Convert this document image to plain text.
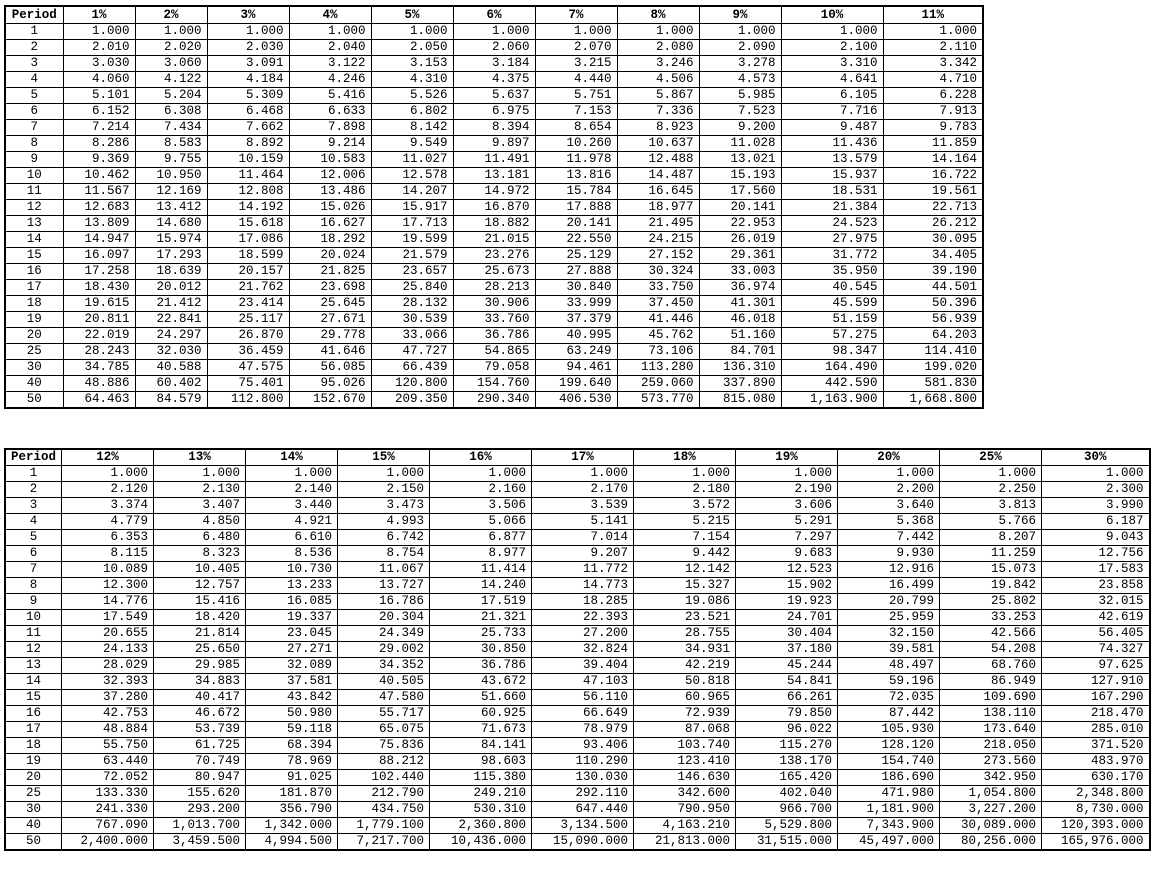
Period	1%	2%	3%	4%	5%	6%	7%	8%	9%	10%	11%
1	1.000	1.000	1.000	1.000	1.000	1.000	1.000	1.000	1.000	1.000	1.000
2	2.010	2.020	2.030	2.040	2.050	2.060	2.070	2.080	2.090	2.100	2.110
3	3.030	3.060	3.091	3.122	3.153	3.184	3.215	3.246	3.278	3.310	3.342
4	4.060	4.122	4.184	4.246	4.310	4.375	4.440	4.506	4.573	4.641	4.710
5	5.101	5.204	5.309	5.416	5.526	5.637	5.751	5.867	5.985	6.105	6.228
6	6.152	6.308	6.468	6.633	6.802	6.975	7.153	7.336	7.523	7.716	7.913
7	7.214	7.434	7.662	7.898	8.142	8.394	8.654	8.923	9.200	9.487	9.783
8	8.286	8.583	8.892	9.214	9.549	9.897	10.260	10.637	11.028	11.436	11.859
9	9.369	9.755	10.159	10.583	11.027	11.491	11.978	12.488	13.021	13.579	14.164
10	10.462	10.950	11.464	12.006	12.578	13.181	13.816	14.487	15.193	15.937	16.722
11	11.567	12.169	12.808	13.486	14.207	14.972	15.784	16.645	17.560	18.531	19.561
12	12.683	13.412	14.192	15.026	15.917	16.870	17.888	18.977	20.141	21.384	22.713
13	13.809	14.680	15.618	16.627	17.713	18.882	20.141	21.495	22.953	24.523	26.212
14	14.947	15.974	17.086	18.292	19.599	21.015	22.550	24.215	26.019	27.975	30.095
15	16.097	17.293	18.599	20.024	21.579	23.276	25.129	27.152	29.361	31.772	34.405
16	17.258	18.639	20.157	21.825	23.657	25.673	27.888	30.324	33.003	35.950	39.190
17	18.430	20.012	21.762	23.698	25.840	28.213	30.840	33.750	36.974	40.545	44.501
18	19.615	21.412	23.414	25.645	28.132	30.906	33.999	37.450	41.301	45.599	50.396
19	20.811	22.841	25.117	27.671	30.539	33.760	37.379	41.446	46.018	51.159	56.939
20	22.019	24.297	26.870	29.778	33.066	36.786	40.995	45.762	51.160	57.275	64.203
25	28.243	32.030	36.459	41.646	47.727	54.865	63.249	73.106	84.701	98.347	114.410
30	34.785	40.588	47.575	56.085	66.439	79.058	94.461	113.280	136.310	164.490	199.020
40	48.886	60.402	75.401	95.026	120.800	154.760	199.640	259.060	337.890	442.590	581.830
50	64.463	84.579	112.800	152.670	209.350	290.340	406.530	573.770	815.080	1,163.900	1,668.800
Period	12%	13%	14%	15%	16%	17%	18%	19%	20%	25%	30%
1	1.000	1.000	1.000	1.000	1.000	1.000	1.000	1.000	1.000	1.000	1.000
2	2.120	2.130	2.140	2.150	2.160	2.170	2.180	2.190	2.200	2.250	2.300
3	3.374	3.407	3.440	3.473	3.506	3.539	3.572	3.606	3.640	3.813	3.990
4	4.779	4.850	4.921	4.993	5.066	5.141	5.215	5.291	5.368	5.766	6.187
5	6.353	6.480	6.610	6.742	6.877	7.014	7.154	7.297	7.442	8.207	9.043
6	8.115	8.323	8.536	8.754	8.977	9.207	9.442	9.683	9.930	11.259	12.756
7	10.089	10.405	10.730	11.067	11.414	11.772	12.142	12.523	12.916	15.073	17.583
8	12.300	12.757	13.233	13.727	14.240	14.773	15.327	15.902	16.499	19.842	23.858
9	14.776	15.416	16.085	16.786	17.519	18.285	19.086	19.923	20.799	25.802	32.015
10	17.549	18.420	19.337	20.304	21.321	22.393	23.521	24.701	25.959	33.253	42.619
11	20.655	21.814	23.045	24.349	25.733	27.200	28.755	30.404	32.150	42.566	56.405
12	24.133	25.650	27.271	29.002	30.850	32.824	34.931	37.180	39.581	54.208	74.327
13	28.029	29.985	32.089	34.352	36.786	39.404	42.219	45.244	48.497	68.760	97.625
14	32.393	34.883	37.581	40.505	43.672	47.103	50.818	54.841	59.196	86.949	127.910
15	37.280	40.417	43.842	47.580	51.660	56.110	60.965	66.261	72.035	109.690	167.290
16	42.753	46.672	50.980	55.717	60.925	66.649	72.939	79.850	87.442	138.110	218.470
17	48.884	53.739	59.118	65.075	71.673	78.979	87.068	96.022	105.930	173.640	285.010
18	55.750	61.725	68.394	75.836	84.141	93.406	103.740	115.270	128.120	218.050	371.520
19	63.440	70.749	78.969	88.212	98.603	110.290	123.410	138.170	154.740	273.560	483.970
20	72.052	80.947	91.025	102.440	115.380	130.030	146.630	165.420	186.690	342.950	630.170
25	133.330	155.620	181.870	212.790	249.210	292.110	342.600	402.040	471.980	1,054.800	2,348.800
30	241.330	293.200	356.790	434.750	530.310	647.440	790.950	966.700	1,181.900	3,227.200	8,730.000
40	767.090	1,013.700	1,342.000	1,779.100	2,360.800	3,134.500	4,163.210	5,529.800	7,343.900	30,089.000	120,393.000
50	2,400.000	3,459.500	4,994.500	7,217.700	10,436.000	15,090.000	21,813.000	31,515.000	45,497.000	80,256.000	165,976.000
